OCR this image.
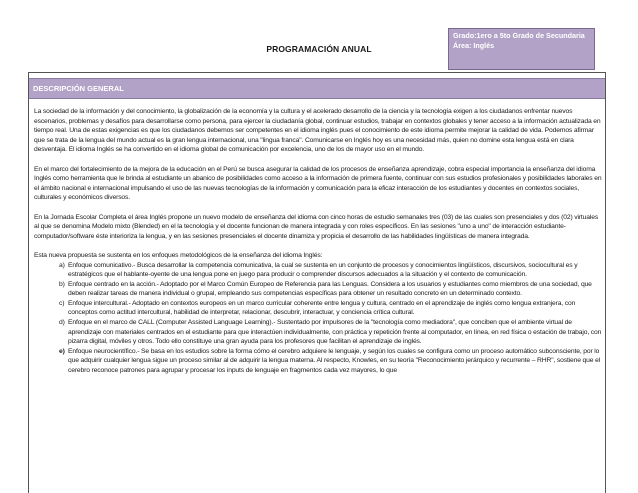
PROGRAMACIÓN ANUAL
Grado:1ero a 5to Grado de Secundaria
Área: Inglés
DESCRIPCIÓN GENERAL

La sociedad de la información y del conocimiento, la globalización de la economía y la cultura y el acelerado desarrollo de la ciencia y la tecnología exigen a los ciudadanos enfrentar nuevos escenarios, problemas y desafíos para desarrollarse como persona, para ejercer la ciudadanía global, continuar estudios, trabajar en contextos globales y tener acceso a la información actualizada en tiempo real. Una de estas exigencias es que los ciudadanos debemos ser competentes en el idioma inglés pues el conocimiento de este idioma permite mejorar la calidad de vida. Podemos afirmar que se trata de la lengua del mundo actual es la gran lengua internacional, una "lingua franca". Comunicarse en Inglés hoy es una necesidad más, quien no domine esta lengua está en clara desventaja. El idioma Inglés se ha convertido en el idioma global de comunicación por excelencia, uno de los de mayor uso en el mundo.

En el marco del fortalecimiento de la mejora de la educación en el Perú se busca asegurar la calidad de los procesos de enseñanza aprendizaje, cobra especial importancia la enseñanza del idioma Inglés como herramienta que le brinda al estudiante un abanico de posibilidades como acceso a la información de primera fuente, continuar con sus estudios profesionales y posibilidades laborales en el ámbito nacional e internacional impulsando el uso de las nuevas tecnologías de la información y comunicación para la eficaz interacción de los estudiantes y docentes en contextos sociales, culturales y económicos diversos.

En la Jornada Escolar Completa el área Inglés propone un nuevo modelo de enseñanza del idioma con cinco horas de estudio semanales tres (03) de las cuales son presenciales y dos (02) virtuales al que se denomina Modelo mixto (Blended) en el la tecnología y el docente funcionan de manera integrada y con roles específicos. En las sesiones "uno a uno" de interacción estudiante- computador/software éste interioriza la lengua, y en las sesiones presenciales el docente dinamiza y propicia el desarrollo de las habilidades lingüísticas de manera integrada.

Esta nueva propuesta se sustenta en los enfoques metodológicos de la enseñanza del idioma Inglés:
a) Enfoque comunicativo.- Busca desarrollar la competencia comunicativa, la cual se sustenta en un conjunto de procesos y conocimientos lingüísticos, discursivos, sociocultural es y estratégicos que el hablante-oyente de una lengua pone en juego para producir o comprender discursos adecuados a la situación y el contexto de comunicación.
b) Enfoque centrado en la acción.- Adoptado por el Marco Común Europeo de Referencia para las Lenguas. Considera a los usuarios y estudiantes como miembros de una sociedad, que deben realizar tareas de manera individual o grupal, empleando sus competencias específicas para obtener un resultado concreto en un determinado contexto.
c) Enfoque intercultural.- Adoptado en contextos europeos en un marco curricular coherente entre lengua y cultura, centrado en el aprendizaje de inglés como lengua extranjera, con conceptos como actitud intercultural, habilidad de interpretar, relacionar, descubrir, interactuar, y conciencia crítica cultural.
d) Enfoque en el marco de CALL (Computer Assisted Language Learning).- Sustentado por impulsores de la "tecnología como mediadora", que conciben que el ambiente virtual de aprendizaje con materiales centrados en el estudiante para que interactúen individualmente, con práctica y repetición frente al computador, en línea, en red física o estación de trabajo, con pizarra digital, móviles y otros. Todo ello constituye una gran ayuda para los profesores que facilitan el aprendizaje de inglés.
e) Enfoque neurocientífico.- Se basa en los estudios sobre la forma cómo el cerebro adquiere le lenguaje, y según los cuales se configura como un proceso automático subconsciente, por lo que adquirir cualquier lengua sigue un proceso similar al de adquirir la lengua materna. Al respecto, Knowles, en su teoría "Reconocimiento jerárquico y recurrente – RHR", sostiene que el cerebro reconoce patrones para agrupar y procesar los inputs de lenguaje en fragmentos cada vez mayores, lo que
